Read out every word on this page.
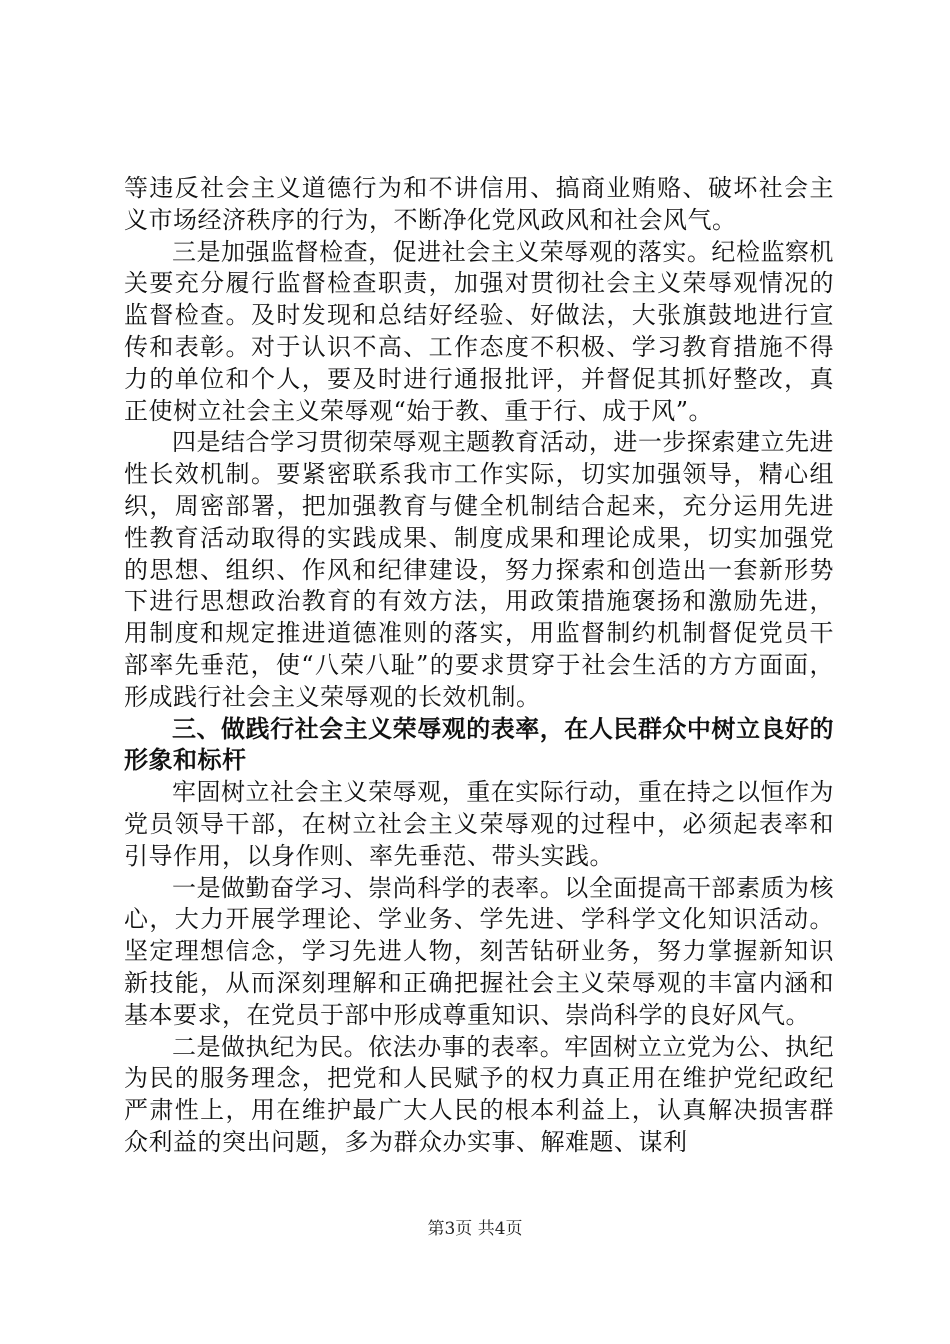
等违反社会主义道德行为和不讲信用、搞商业贿赂、破坏社会主义市场经济秩序的行为，不断净化党风政风和社会风气。

三是加强监督检查，促进社会主义荣辱观的落实。纪检监察机关要充分履行监督检查职责，加强对贯彻社会主义荣辱观情况的监督检查。及时发现和总结好经验、好做法，大张旗鼓地进行宣传和表彰。对于认识不高、工作态度不积极、学习教育措施不得力的单位和个人，要及时进行通报批评，并督促其抓好整改，真正使树立社会主义荣辱观“始于教、重于行、成于风”。

四是结合学习贯彻荣辱观主题教育活动，进一步探索建立先进性长效机制。要紧密联系我市工作实际，切实加强领导，精心组织，周密部署，把加强教育与健全机制结合起来，充分运用先进性教育活动取得的实践成果、制度成果和理论成果，切实加强党的思想、组织、作风和纪律建设，努力探索和创造出一套新形势下进行思想政治教育的有效方法，用政策措施褒扬和激励先进，用制度和规定推进道德准则的落实，用监督制约机制督促党员干部率先垂范，使“八荣八耻”的要求贯穿于社会生活的方方面面，形成践行社会主义荣辱观的长效机制。

三、做践行社会主义荣辱观的表率，在人民群众中树立良好的形象和标杆

牢固树立社会主义荣辱观，重在实际行动，重在持之以恒作为党员领导干部，在树立社会主义荣辱观的过程中，必须起表率和引导作用，以身作则、率先垂范、带头实践。

一是做勤奋学习、崇尚科学的表率。以全面提高干部素质为核心，大力开展学理论、学业务、学先进、学科学文化知识活动。坚定理想信念，学习先进人物，刻苦钻研业务，努力掌握新知识新技能，从而深刻理解和正确把握社会主义荣辱观的丰富内涵和基本要求，在党员于部中形成尊重知识、崇尚科学的良好风气。

二是做执纪为民。依法办事的表率。牢固树立立党为公、执纪为民的服务理念，把党和人民赋予的权力真正用在维护党纪政纪严肃性上，用在维护最广大人民的根本利益上，认真解决损害群众利益的突出问题，多为群众办实事、解难题、谋利

第3页 共4页
